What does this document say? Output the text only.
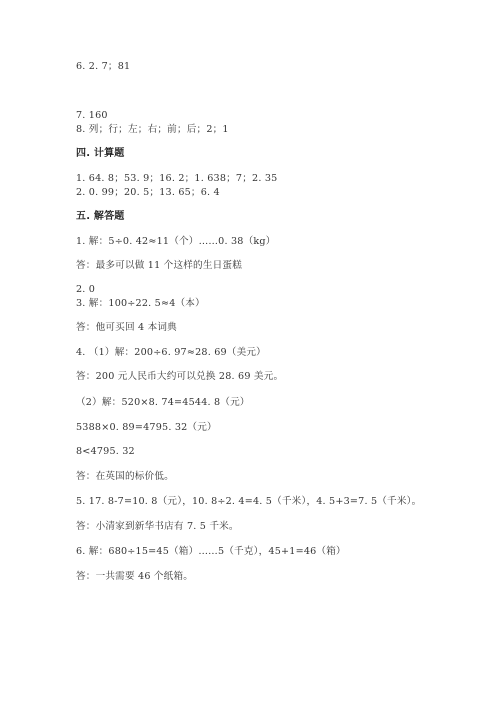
6. 2. 7；81
7. 160
8. 列；行；左；右；前；后；2；1
四. 计算题
1. 64. 8；53. 9；16. 2；1. 638；7；2. 35
2. 0. 99；20. 5；13. 65；6. 4
五. 解答题
1. 解：5÷0. 42≈11（个）……0. 38（kg）
答：最多可以做 11 个这样的生日蛋糕
2. 0
3. 解：100÷22. 5≈4（本）
答：他可买回 4 本词典
4. （1）解：200÷6. 97≈28. 69（美元）
答：200 元人民币大约可以兑换 28. 69 美元。
（2）解：520×8. 74=4544. 8（元）
5388×0. 89=4795. 32（元）
8<4795. 32
答：在英国的标价低。
5. 17. 8-7=10. 8（元），10. 8÷2. 4=4. 5（千米），4. 5+3=7. 5（千米）。
答：小清家到新华书店有 7. 5 千米。
6. 解：680÷15=45（箱）……5（千克），45+1=46（箱）
答：一共需要 46 个纸箱。
